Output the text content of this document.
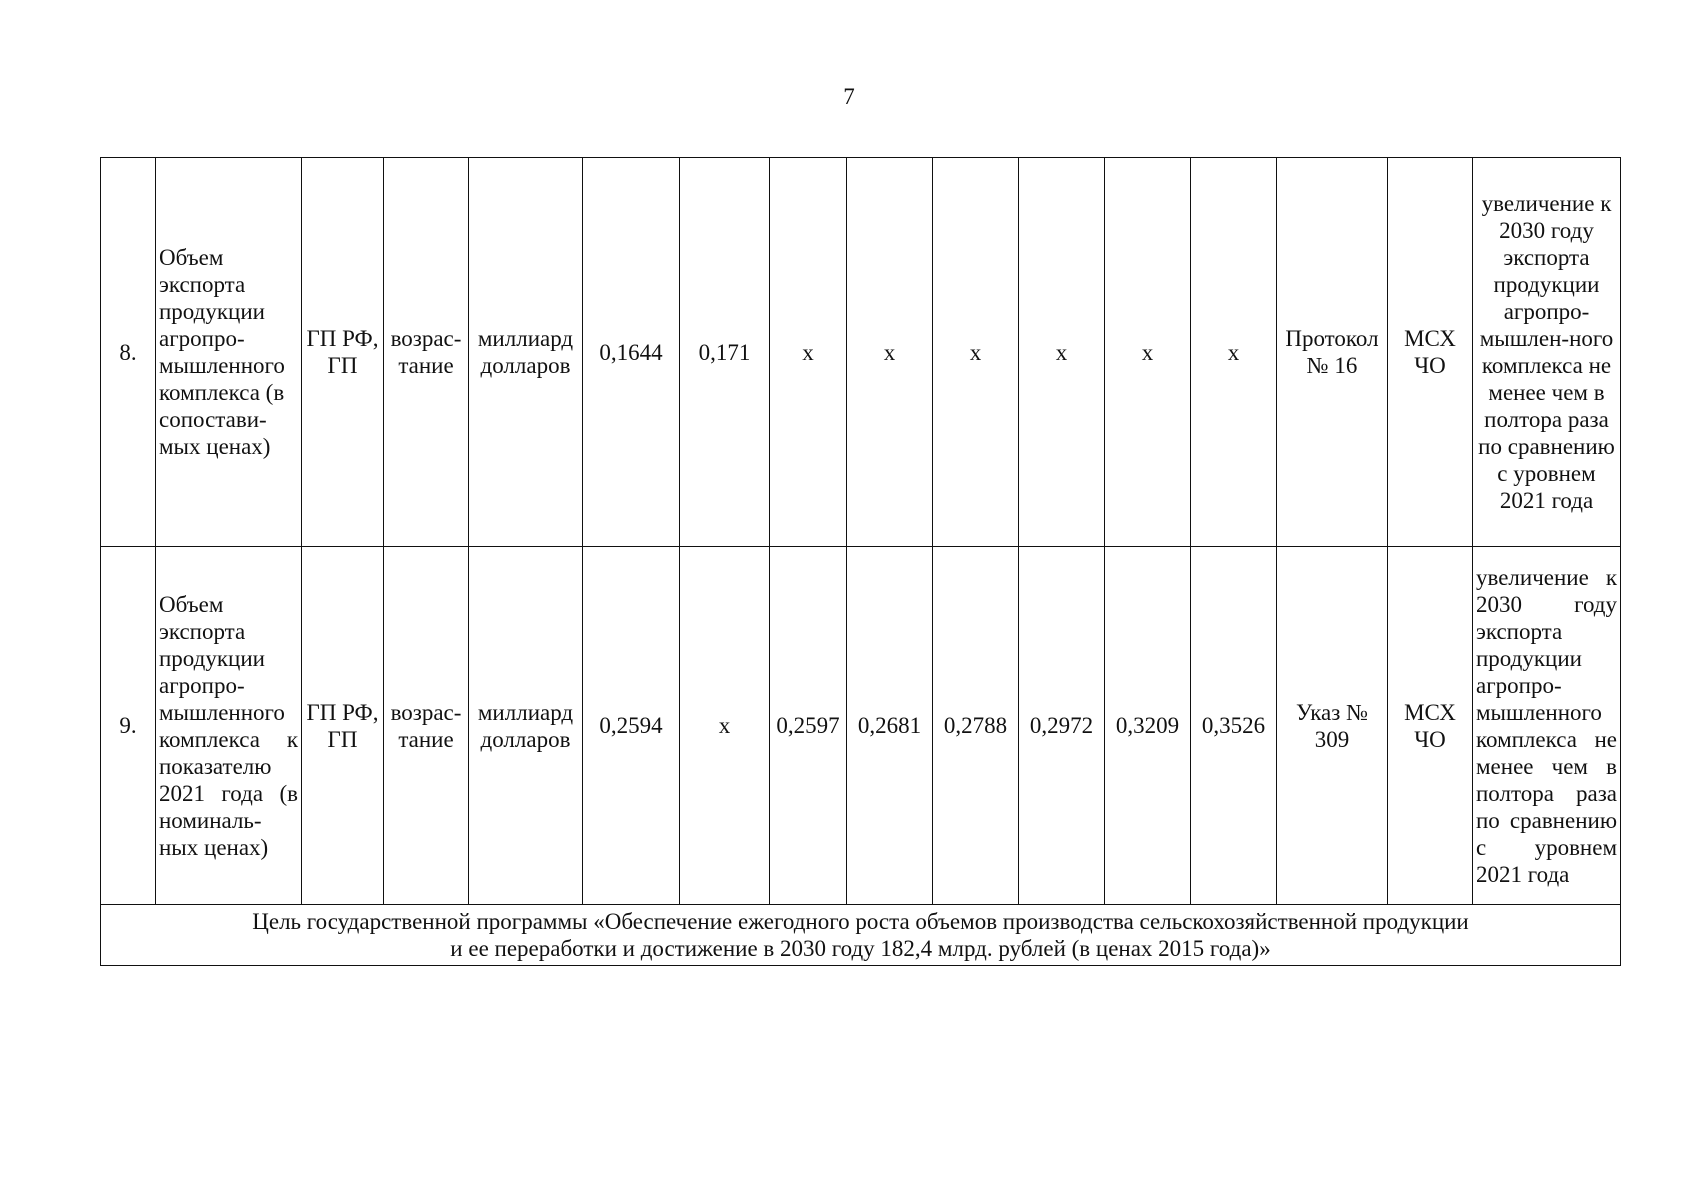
7
8.	Объем экспорта продукции агропро-мышленного комплекса (в сопостави-мых ценах)	ГП РФ, ГП	возрас-тание	миллиард долларов	0,1644	0,171	х	х	х	х	х	х	Протокол № 16	МСХ ЧО	увеличение к 2030 году экспорта продукции агропро-мышлен-ного комплекса не менее чем в полтора раза по сравнению с уровнем 2021 года
9.	Объем экспорта продукции агропро-мышленного комплекса к показателю 2021 года (в номиналь-ных ценах)	ГП РФ, ГП	возрас-тание	миллиард долларов	0,2594	х	0,2597	0,2681	0,2788	0,2972	0,3209	0,3526	Указ № 309	МСХ ЧО	увеличение к 2030 году экспорта продукции агропро-мышленного комплекса не менее чем в полтора раза по сравнению с уровнем 2021 года

Цель государственной программы «Обеспечение ежегодного роста объемов производства сельскохозяйственной продукции
и ее переработки и достижение в 2030 году 182,4 млрд. рублей (в ценах 2015 года)»															
